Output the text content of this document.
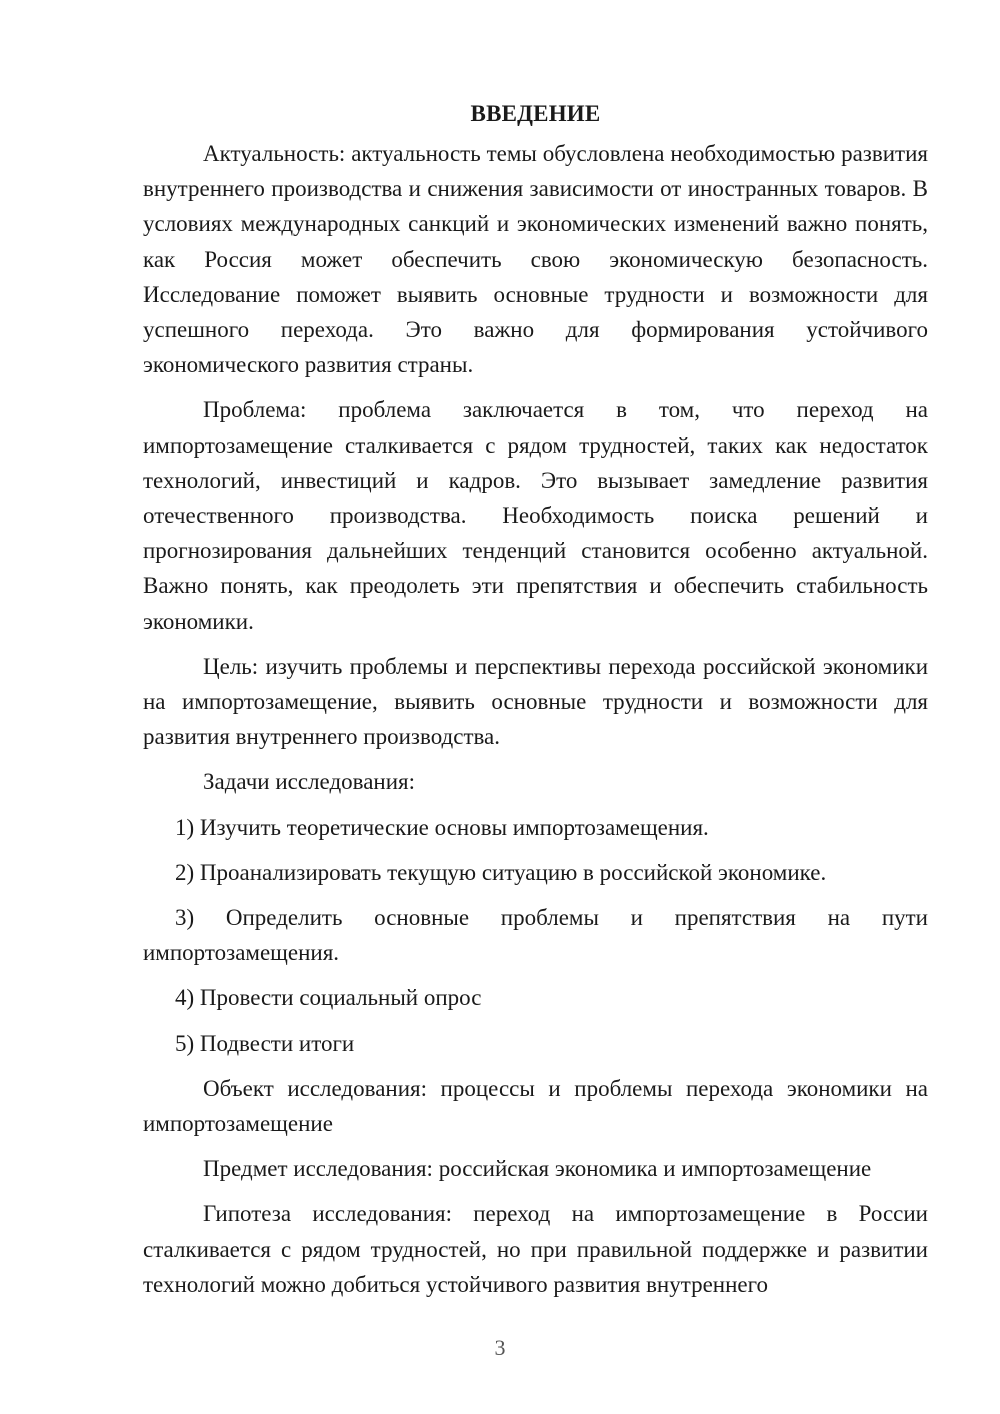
ВВЕДЕНИЕ

Актуальность: актуальность темы обусловлена необходимостью развития внутреннего производства и снижения зависимости от иностранных товаров. В условиях международных санкций и экономических изменений важно понять, как Россия может обеспечить свою экономическую безопасность. Исследование поможет выявить основные трудности и возможности для успешного перехода. Это важно для формирования устойчивого экономического развития страны.

Проблема: проблема заключается в том, что переход на импортозамещение сталкивается с рядом трудностей, таких как недостаток технологий, инвестиций и кадров. Это вызывает замедление развития отечественного производства. Необходимость поиска решений и прогнозирования дальнейших тенденций становится особенно актуальной. Важно понять, как преодолеть эти препятствия и обеспечить стабильность экономики.

Цель: изучить проблемы и перспективы перехода российской экономики на импортозамещение, выявить основные трудности и возможности для развития внутреннего производства.

Задачи исследования:

1) Изучить теоретические основы импортозамещения.

2) Проанализировать текущую ситуацию в российской экономике.

3) Определить основные проблемы и препятствия на пути импортозамещения.

4) Провести социальный опрос

5) Подвести итоги

Объект исследования: процессы и проблемы перехода экономики на импортозамещение

Предмет исследования: российская экономика и импортозамещение

Гипотеза исследования: переход на импортозамещение в России сталкивается с рядом трудностей, но при правильной поддержке и развитии технологий можно добиться устойчивого развития внутреннего

3
